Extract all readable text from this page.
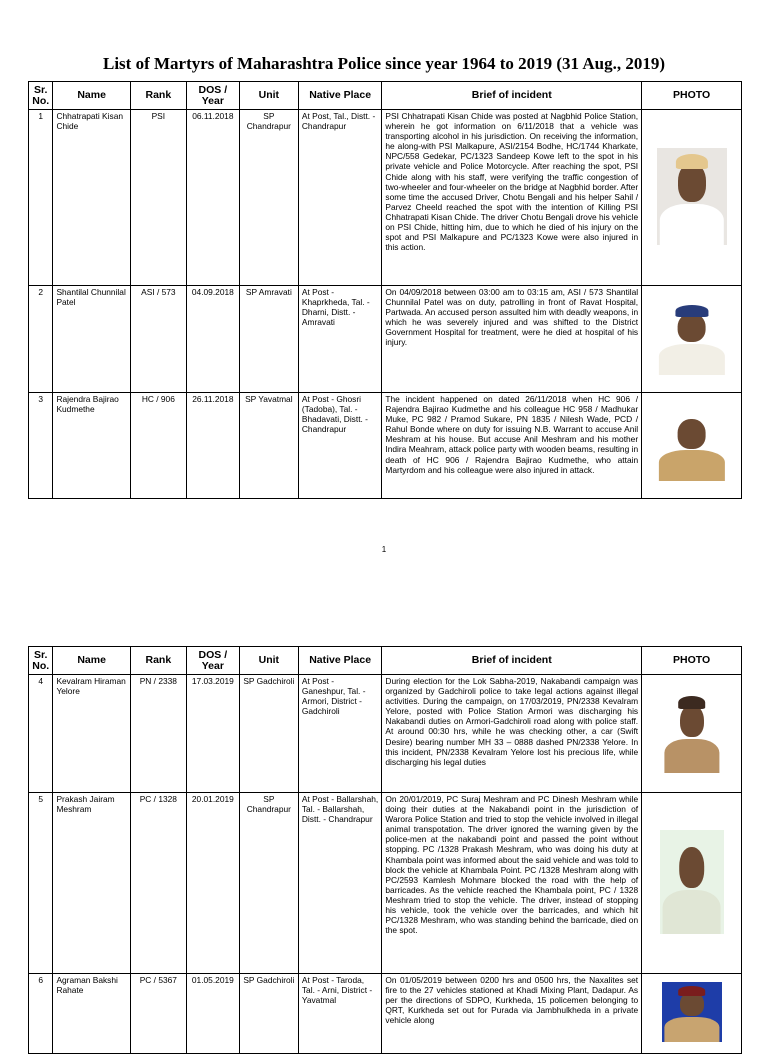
List of Martyrs of Maharashtra Police since year 1964 to 2019 (31 Aug., 2019)
Sr. No.	Name	Rank	DOS / Year	Unit	Native Place	Brief of incident	PHOTO
1	Chhatrapati Kisan Chide	PSI	06.11.2018	SP Chandrapur	At Post, Tal., Distt. - Chandrapur	PSI Chhatrapati Kisan Chide was posted at Nagbhid Police Station, wherein he got information on 6/11/2018 that a vehicle was transporting alcohol in his jurisdiction. On receiving the information, he along-with PSI Malkapure, ASI/2154 Bodhe, HC/1744 Kharkate, NPC/558 Gedekar, PC/1323 Sandeep Kowe left to the spot in his private vehicle and Police Motorcycle. After reaching the spot, PSI Chide along with his staff, were verifying the traffic congestion of two-wheeler and four-wheeler on the bridge at Nagbhid border. After some time the accused Driver, Chotu Bengali and his helper Sahil / Parvez Cheeld reached the spot with the intention of Killing PSI Chhatrapati Kisan Chide. The driver Chotu Bengali drove his vehicle on PSI Chide, hitting him, due to which he died of his injury on the spot and PSI Malkapure and PC/1323 Kowe were also injured in this action.	

2	Shantilal Chunnilal Patel	ASI / 573	04.09.2018	SP Amravati	At Post - Khaprkheda, Tal. - Dharni, Distt. - Amravati	On 04/09/2018 between 03:00 am to 03:15 am, ASI / 573 Shantilal Chunnilal Patel was on duty, patrolling in front of Ravat Hospital, Partwada. An accused person assulted him with deadly weapons, in which he was severely injured and was shifted to the District Government Hospital for treatment, were he died at hospital of his injury.	

3	Rajendra Bajirao Kudmethe	HC / 906	26.11.2018	SP Yavatmal	At Post - Ghosri (Tadoba), Tal. - Bhadavati, Distt. - Chandrapur	The incident happened on dated 26/11/2018 when HC 906 / Rajendra Bajirao Kudmethe and his colleague HC 958 / Madhukar Muke, PC 982 / Pramod Sukare, PN 1835 / Nilesh Wade, PCD / Rahul Bonde where on duty for issuing N.B. Warrant to accuse Anil Meshram at his house. But accuse Anil Meshram and his mother Indira Meahram, attack police party with wooden beams, resulting in death of HC 906 / Rajendra Bajirao Kudmethe, who attain Martyrdom and his colleague were also injured in attack.	
1
Sr. No.	Name	Rank	DOS / Year	Unit	Native Place	Brief of incident	PHOTO
4	Kevalram Hiraman Yelore	PN / 2338	17.03.2019	SP Gadchiroli	At Post - Ganeshpur, Tal. - Armori, District - Gadchiroli	During election for the Lok Sabha-2019, Nakabandi campaign was organized by Gadchiroli police to take legal actions against illegal activities. During the campaign, on 17/03/2019, PN/2338 Kevalram Yelore, posted with Police Station Armori was discharging his Nakabandi duties on Armori-Gadchiroli road along with police staff. At around 00:30 hrs, while he was checking other, a car (Swift Desire) bearing number MH 33 – 0888 dashed PN/2338 Yelore. In this incident, PN/2338 Kevalram Yelore lost his precious life, while discharging his legal duties	

5	Prakash Jairam Meshram	PC / 1328	20.01.2019	SP Chandrapur	At Post - Ballarshah, Tal. - Ballarshah, Distt. - Chandrapur	On 20/01/2019, PC Suraj Meshram and PC Dinesh Meshram while doing their duties at the Nakabandi point in the jurisdiction of Warora Police Station and tried to stop the vehicle involved in illegal animal transpotation. The driver ignored the warning given by the police-men at the nakabandi point and passed the point without stopping. PC /1328 Prakash Meshram, who was doing his duty at Khambala point was informed about the said vehicle and was told to block the vehicle at Khambala Point. PC /1328 Meshram along with PC/2593 Kamlesh Mohmare blocked the road with the help of barricades. As the vehicle reached the Khambala point, PC / 1328 Meshram tried to stop the vehicle. The driver, instead of stopping his vehicle, took the vehicle over the barricades, and which hit PC/1328 Meshram, who was standing behind the barricade, died on the spot.	

6	Agraman Bakshi Rahate	PC / 5367	01.05.2019	SP Gadchiroli	At Post - Taroda, Tal. - Arni, District - Yavatmal	On 01/05/2019 between 0200 hrs and 0500 hrs, the Naxalites set fire to the 27 vehicles stationed at Khadi Mixing Plant, Dadapur. As per the directions of SDPO, Kurkheda, 15 policemen belonging to QRT, Kurkheda set out for Purada via Jambhulkheda in a private vehicle along	
